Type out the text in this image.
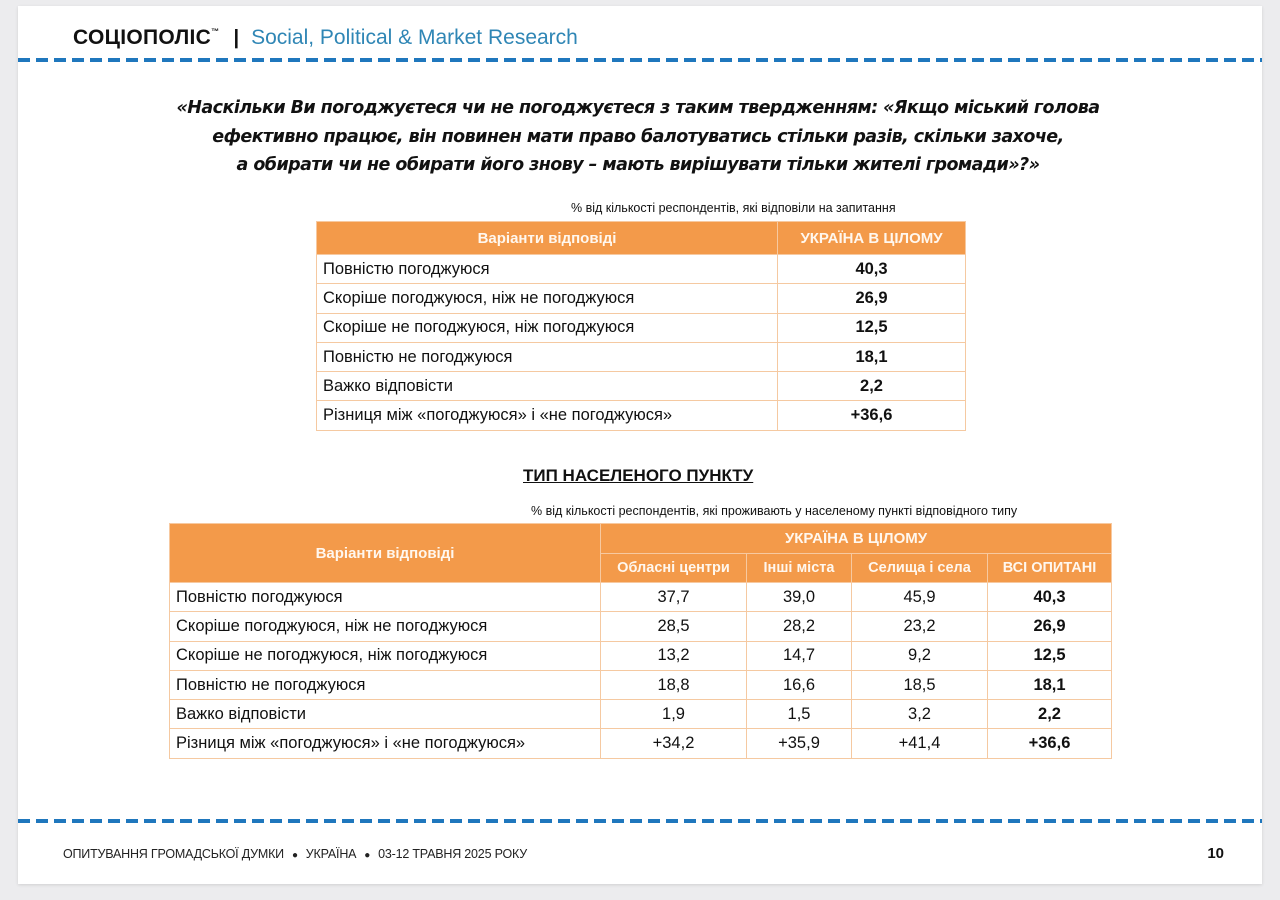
СОЦІОПОЛІС™ | Social, Political & Market Research
«Наскільки Ви погоджуєтеся чи не погоджуєтеся з таким твердженням: «Якщо міський голова
ефективно працює, він повинен мати право балотуватись стільки разів, скільки захоче,
а обирати чи не обирати його знову – мають вирішувати тільки жителі громади»?»
% від кількості респондентів, які відповіли на запитання
Варіанти відповіді	УКРАЇНА В ЦІЛОМУ
Повністю погоджуюся	40,3
Скоріше погоджуюся, ніж не погоджуюся	26,9
Скоріше не погоджуюся, ніж погоджуюся	12,5
Повністю не погоджуюся	18,1
Важко відповісти	2,2
Різниця між «погоджуюся» і «не погоджуюся»	+36,6
ТИП НАСЕЛЕНОГО ПУНКТУ
% від кількості респондентів, які проживають у населеному пункті відповідного типу
Варіанти відповіді	УКРАЇНА В ЦІЛОМУ			
	Обласні центри	Інші міста	Селища і села	ВСІ ОПИТАНІ
Повністю погоджуюся	37,7	39,0	45,9	40,3
Скоріше погоджуюся, ніж не погоджуюся	28,5	28,2	23,2	26,9
Скоріше не погоджуюся, ніж погоджуюся	13,2	14,7	9,2	12,5
Повністю не погоджуюся	18,8	16,6	18,5	18,1
Важко відповісти	1,9	1,5	3,2	2,2
Різниця між «погоджуюся» і «не погоджуюся»	+34,2	+35,9	+41,4	+36,6
ОПИТУВАННЯ ГРОМАДСЬКОЇ ДУМКИ ● УКРАЇНА ● 03-12 ТРАВНЯ 2025 РОКУ	10
